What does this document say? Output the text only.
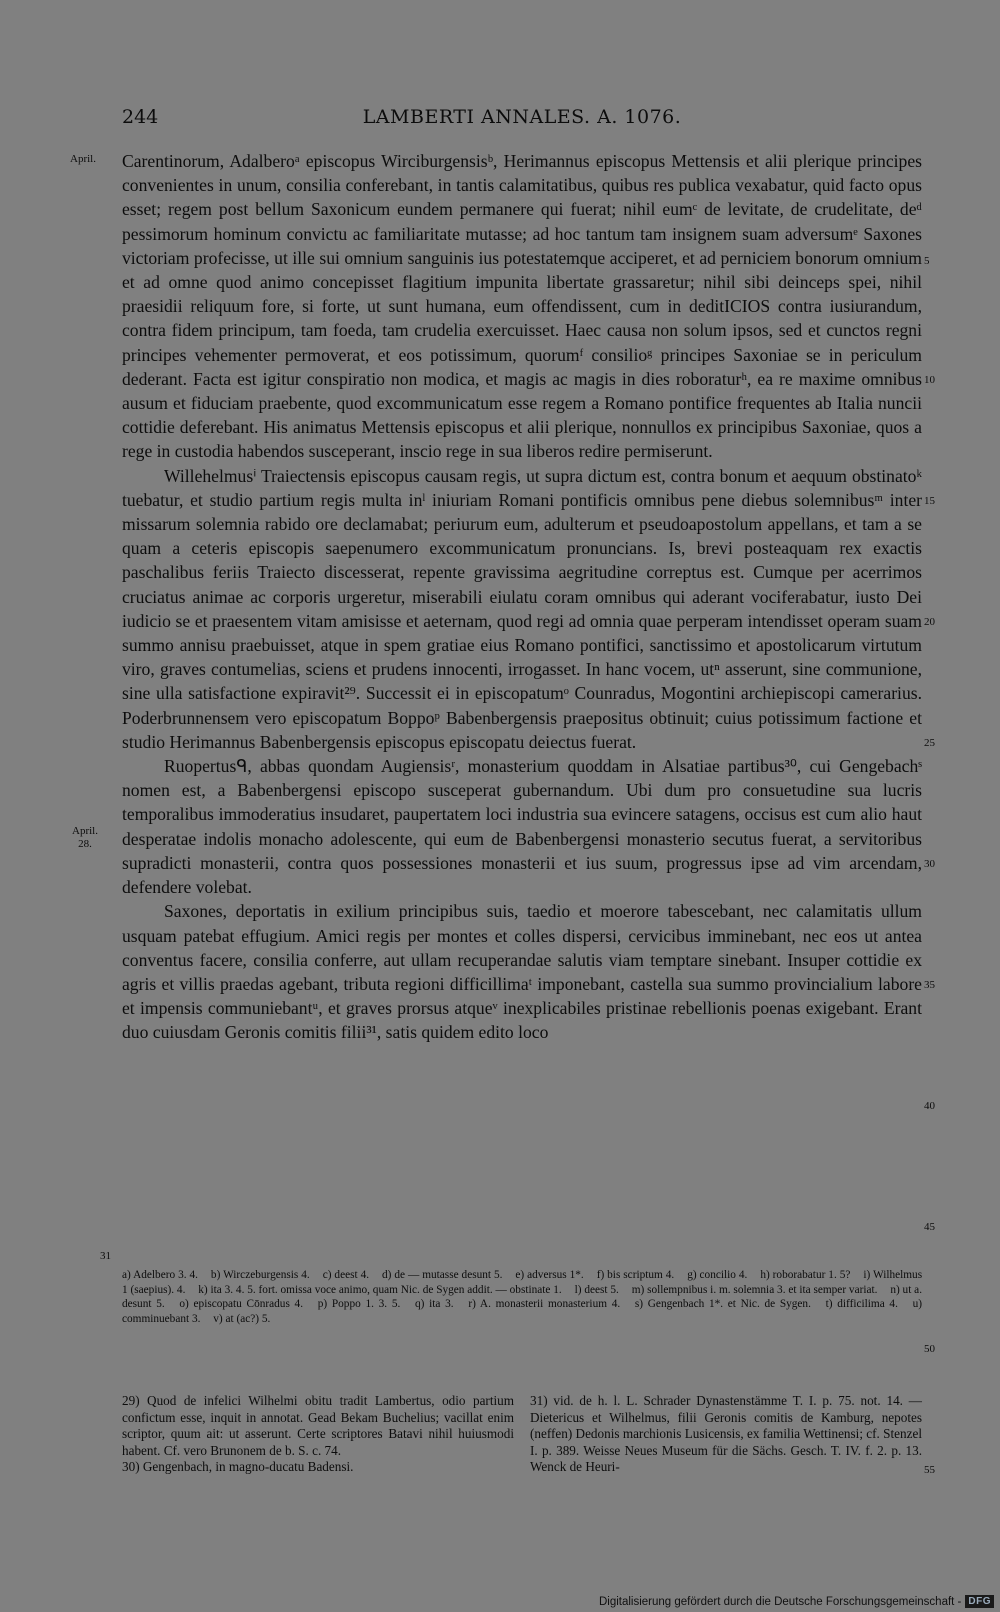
244	LAMBERTI ANNALES. A. 1076.
April.

April.
28.

31
5
10
15
20
25
30
35
40
45
50
55

Carentinorum, Adalberoᵃ episcopus Wirciburgensisᵇ, Herimannus episcopus Mettensis et alii plerique principes convenientes in unum, consilia conferebant, in tantis calamitatibus, quibus res publica vexabatur, quid facto opus esset; regem post bellum Saxonicum eundem permanere qui fuerat; nihil eumᶜ de levitate, de crudelitate, deᵈ pessimorum hominum convictu ac familiaritate mutasse; ad hoc tantum tam insignem suam adversumᵉ Saxones victoriam profecisse, ut ille sui omnium sanguinis ius potestatemque acciperet, et ad perniciem bonorum omnium et ad omne quod animo concepisset flagitium impunita libertate grassaretur; nihil sibi deinceps spei, nihil praesidii reliquum fore, si forte, ut sunt humana, eum offendissent, cum in deditICIOS contra iusiurandum, contra fidem principum, tam foeda, tam crudelia exercuisset. Haec causa non solum ipsos, sed et cunctos regni principes vehementer permoverat, et eos potissimum, quorumᶠ consilioᵍ principes Saxoniae se in periculum dederant. Facta est igitur conspiratio non modica, et magis ac magis in dies roboraturʰ, ea re maxime omnibus ausum et fiduciam praebente, quod excommunicatum esse regem a Romano pontifice frequentes ab Italia nuncii cottidie deferebant. His animatus Mettensis episcopus et alii plerique, nonnullos ex principibus Saxoniae, quos a rege in custodia habendos susceperant, inscio rege in sua liberos redire permiserunt.

Willehelmusⁱ Traiectensis episcopus causam regis, ut supra dictum est, contra bonum et aequum obstinatoᵏ tuebatur, et studio partium regis multa inˡ iniuriam Romani pontificis omnibus pene diebus solemnibusᵐ inter missarum solemnia rabido ore declamabat; periurum eum, adulterum et pseudoapostolum appellans, et tam a se quam a ceteris episcopis saepenumero excommunicatum pronuncians. Is, brevi posteaquam rex exactis paschalibus feriis Traiecto discesserat, repente gravissima aegritudine correptus est. Cumque per acerrimos cruciatus animae ac corporis urgeretur, miserabili eiulatu coram omnibus qui aderant vociferabatur, iusto Dei iudicio se et praesentem vitam amisisse et aeternam, quod regi ad omnia quae perperam intendisset operam suam summo annisu praebuisset, atque in spem gratiae eius Romano pontifici, sanctissimo et apostolicarum virtutum viro, graves contumelias, sciens et prudens innocenti, irrogasset. In hanc vocem, utⁿ asserunt, sine communione, sine ulla satisfactione expiravit²⁹. Successit ei in episcopatumᵒ Counradus, Mogontini archiepiscopi camerarius. Poderbrunnensem vero episcopatum Boppoᵖ Babenbergensis praepositus obtinuit; cuius potissimum factione et studio Herimannus Babenbergensis episcopus episcopatu deiectus fuerat.

Ruopertusᑫ, abbas quondam Augiensisʳ, monasterium quoddam in Alsatiae partibus³⁰, cui Gengebachˢ nomen est, a Babenbergensi episcopo susceperat gubernandum. Ubi dum pro consuetudine sua lucris temporalibus immoderatius insudaret, paupertatem loci industria sua evincere satagens, occisus est cum alio haut desperatae indolis monacho adolescente, qui eum de Babenbergensi monasterio secutus fuerat, a servitoribus supradicti monasterii, contra quos possessiones monasterii et ius suum, progressus ipse ad vim arcendam, defendere volebat.

Saxones, deportatis in exilium principibus suis, taedio et moerore tabescebant, nec calamitatis ullum usquam patebat effugium. Amici regis per montes et colles dispersi, cervicibus imminebant, nec eos ut antea conventus facere, consilia conferre, aut ullam recuperandae salutis viam temptare sinebant. Insuper cottidie ex agris et villis praedas agebant, tributa regioni difficillimaᵗ imponebant, castella sua summo provincialium labore et impensis communiebantᵘ, et graves prorsus atqueᵛ inexplicabiles pristinae rebellionis poenas exigebant. Erant duo cuiusdam Geronis comitis filii³¹, satis quidem edito loco

a) Adelbero 3. 4. b) Wirczeburgensis 4. c) deest 4. d) de — mutasse desunt 5. e) adversus 1*. f) bis scriptum 4. g) concilio 4. h) roborabatur 1. 5? i) Wilhelmus 1 (saepius). 4. k) ita 3. 4. 5. fort. omissa voce animo, quam Nic. de Sygen addit. — obstinate 1. l) deest 5. m) sollempnibus i. m. solemnia 3. et ita semper variat. n) ut a. desunt 5. o) episcopatu Cōnradus 4. p) Poppo 1. 3. 5. q) ita 3. r) A. monasterii monasterium 4. s) Gengenbach 1*. et Nic. de Sygen. t) difficilima 4. u) comminuebant 3. v) at (ac?) 5.

29) Quod de infelici Wilhelmi obitu tradit Lambertus, odio partium confictum esse, inquit in annotat. Gead Bekam Buchelius; vacillat enim scriptor, quum ait: ut asserunt. Certe scriptores Batavi nihil huiusmodi habent. Cf. vero Brunonem de b. S. c. 74.
30) Gengenbach, in magno-ducatu Badensi.

31) vid. de h. l. L. Schrader Dynastenstämme T. I. p. 75. not. 14. — Dietericus et Wilhelmus, filii Geronis comitis de Kamburg, nepotes (neffen) Dedonis marchionis Lusicensis, ex familia Wettinensi; cf. Stenzel I. p. 389. Weisse Neues Museum für die Sächs. Gesch. T. IV. f. 2. p. 13. Wenck de Heuri-

Digitalisierung gefördert durch die Deutsche Forschungsgemeinschaft - DFG
